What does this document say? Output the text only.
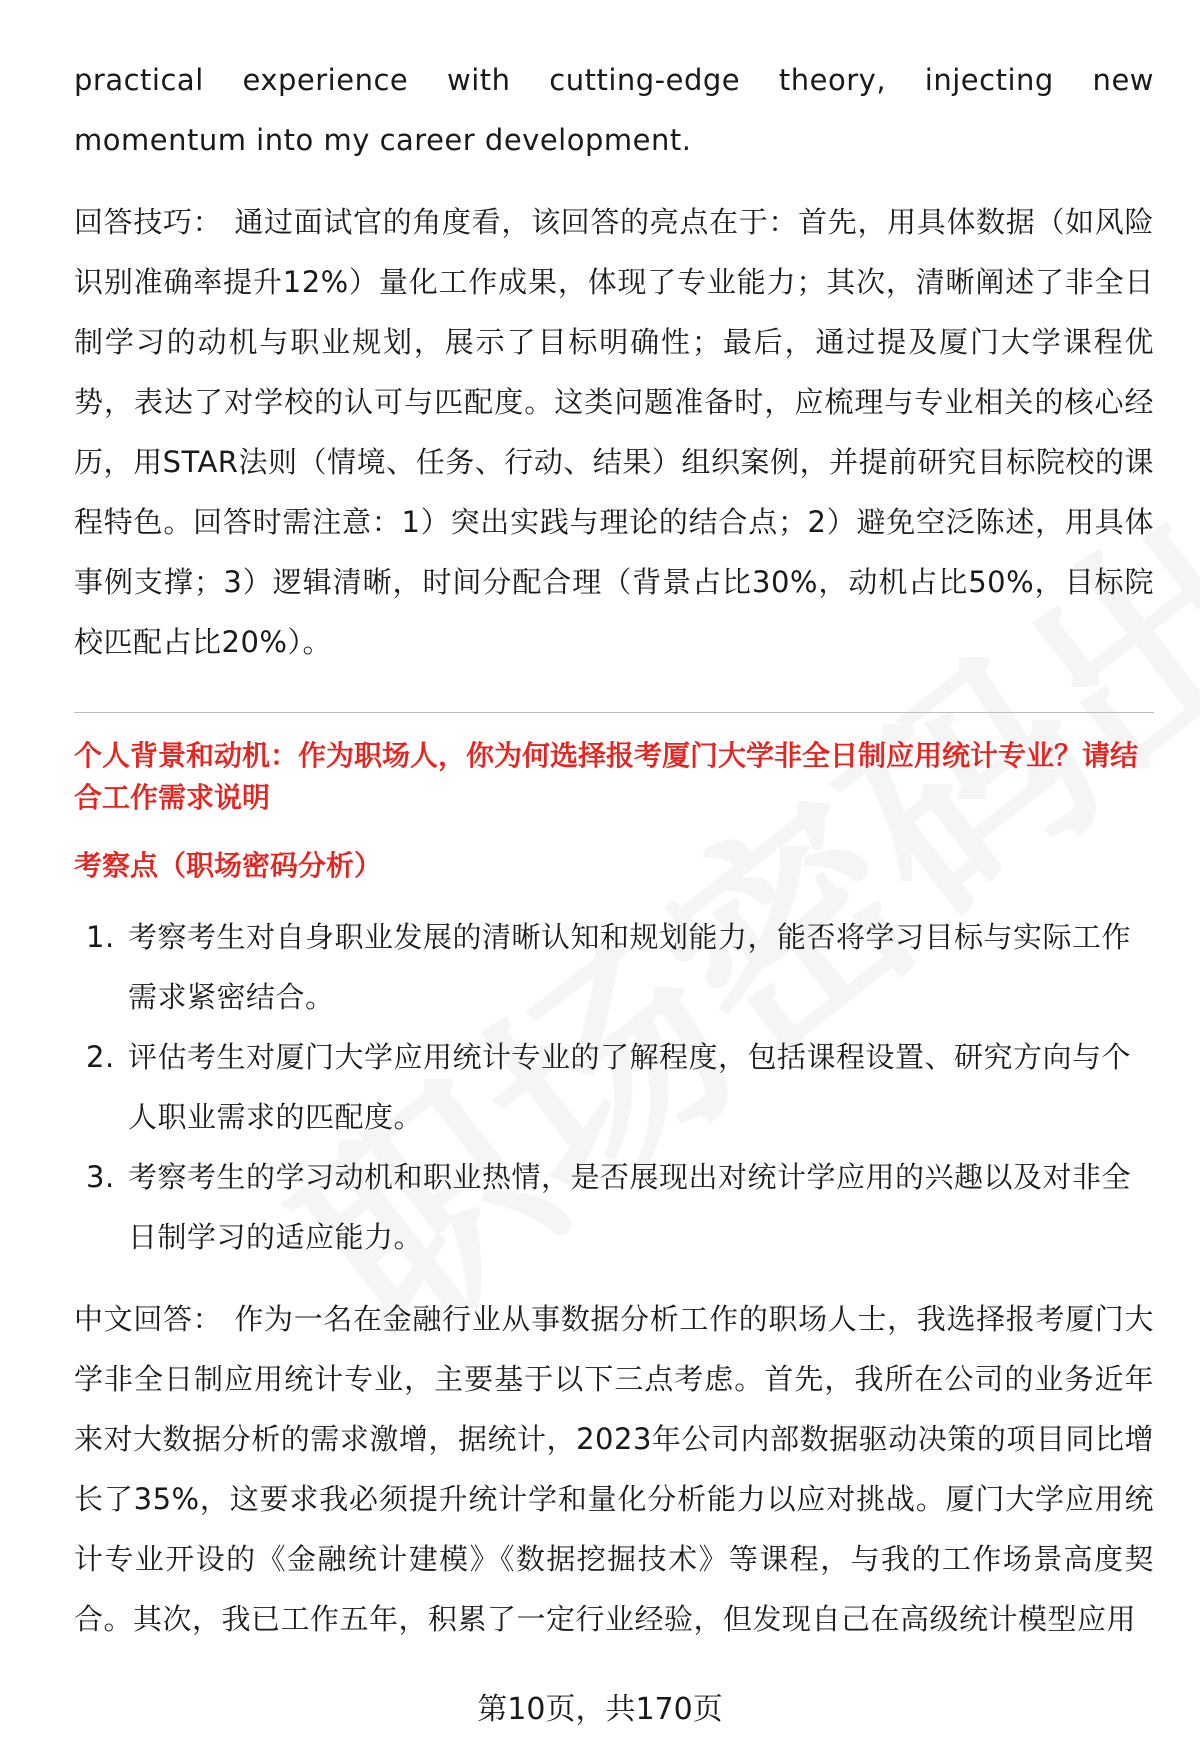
practical experience with cutting-edge theory, injecting new momentum into my career development.

回答技巧： 通过面试官的角度看，该回答的亮点在于：首先，用具体数据（如风险识别准确率提升12%）量化工作成果，体现了专业能力；其次，清晰阐述了非全日制学习的动机与职业规划，展示了目标明确性；最后，通过提及厦门大学课程优势，表达了对学校的认可与匹配度。这类问题准备时，应梳理与专业相关的核心经历，用STAR法则（情境、任务、行动、结果）组织案例，并提前研究目标院校的课程特色。回答时需注意：1）突出实践与理论的结合点；2）避免空泛陈述，用具体事例支撑；3）逻辑清晰，时间分配合理（背景占比30%，动机占比50%，目标院校匹配占比20%）。

个人背景和动机：作为职场人，你为何选择报考厦门大学非全日制应用统计专业？请结合工作需求说明

考察点（职场密码分析）

1. 考察考生对自身职业发展的清晰认知和规划能力，能否将学习目标与实际工作需求紧密结合。
2. 评估考生对厦门大学应用统计专业的了解程度，包括课程设置、研究方向与个人职业需求的匹配度。
3. 考察考生的学习动机和职业热情，是否展现出对统计学应用的兴趣以及对非全日制学习的适应能力。

中文回答： 作为一名在金融行业从事数据分析工作的职场人士，我选择报考厦门大学非全日制应用统计专业，主要基于以下三点考虑。首先，我所在公司的业务近年来对大数据分析的需求激增，据统计，2023年公司内部数据驱动决策的项目同比增长了35%，这要求我必须提升统计学和量化分析能力以应对挑战。厦门大学应用统计专业开设的《金融统计建模》《数据挖掘技术》等课程，与我的工作场景高度契合。其次，我已工作五年，积累了一定行业经验，但发现自己在高级统计模型应用

第10页，共170页
